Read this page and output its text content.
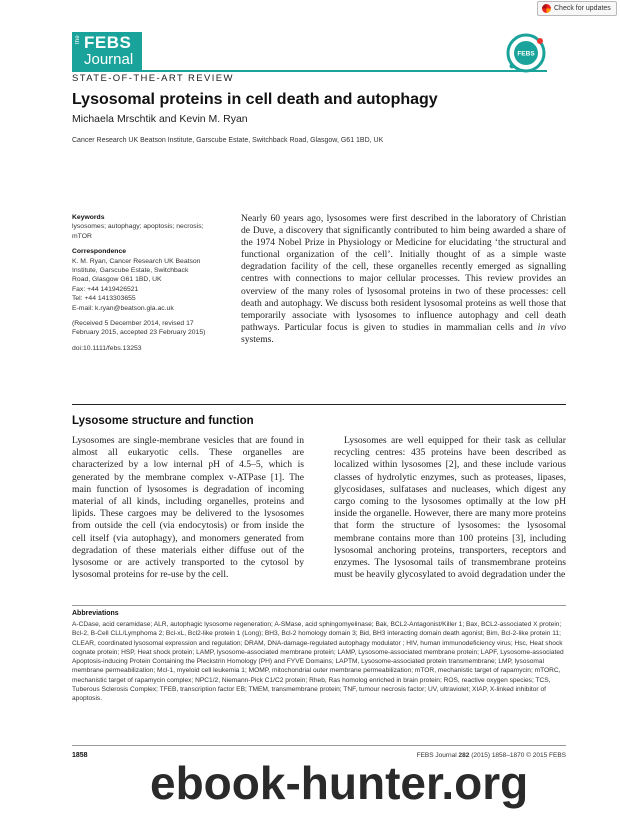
Check for updates
the FEBS
Journal	FEBS
STATE-OF-THE-ART REVIEW
Lysosomal proteins in cell death and autophagy
Michaela Mrschtik and Kevin M. Ryan
Cancer Research UK Beatson Institute, Garscube Estate, Switchback Road, Glasgow, G61 1BD, UK
Keywords
lysosomes; autophagy; apoptosis; necrosis;
mTOR
Correspondence
K. M. Ryan, Cancer Research UK Beatson
Institute, Garscube Estate, Switchback
Road, Glasgow G61 1BD, UK
Fax: +44 1419426521
Tel: +44 1413303655
E-mail: k.ryan@beatson.gla.ac.uk
(Received 5 December 2014, revised 17
February 2015, accepted 23 February 2015)
doi:10.1111/febs.13253
Nearly 60 years ago, lysosomes were first described in the laboratory of Christian de Duve, a discovery that significantly contributed to him being awarded a share of the 1974 Nobel Prize in Physiology or Medicine for elucidating ‘the structural and functional organization of the cell’. Initially thought of as a simple waste degradation facility of the cell, these organelles recently emerged as signalling centres with connections to major cellular processes. This review provides an overview of the many roles of lysosomal proteins in two of these processes: cell death and autophagy. We discuss both resident lysosomal proteins as well those that temporarily associate with lysosomes to influence autophagy and cell death pathways. Particular focus is given to studies in mammalian cells and in vivo systems.
Lysosome structure and function

Lysosomes are single-membrane vesicles that are found in almost all eukaryotic cells. These organelles are characterized by a low internal pH of 4.5–5, which is generated by the membrane complex v-ATPase [1]. The main function of lysosomes is degradation of incoming material of all kinds, including organelles, proteins and lipids. These cargoes may be delivered to the lysosomes from outside the cell (via endocytosis) or from inside the cell itself (via autophagy), and monomers generated from degradation of these materials either diffuse out of the lysosome or are actively transported to the cytosol by lysosomal proteins for re-use by the cell.

Lysosomes are well equipped for their task as cellular recycling centres: 435 proteins have been described as localized within lysosomes [2], and these include various classes of hydrolytic enzymes, such as proteases, lipases, glycosidases, sulfatases and nucleases, which digest any cargo coming to the lysosomes optimally at the low pH inside the organelle. However, there are many more proteins that form the structure of lysosomes: the lysosomal membrane contains more than 100 proteins [3], including lysosomal anchoring proteins, transporters, receptors and enzymes. The lysosomal tails of transmembrane proteins must be heavily glycosylated to avoid degradation under the

Abbreviations
A-CDase, acid ceramidase; ALR, autophagic lysosome regeneration; A-SMase, acid sphingomyelinase; Bak, BCL2-Antagonist/Killer 1; Bax, BCL2-associated X protein; Bcl-2, B-Cell CLL/Lymphoma 2; Bcl-xL, Bcl2-like protein 1 (Long); BH3, Bcl-2 homology domain 3; Bid, BH3 interacting domain death agonist; Bim, Bcl-2-like protein 11; CLEAR, coordinated lysosomal expression and regulation; DRAM, DNA-damage-regulated autophagy modulator ; HIV, human immunodeficiency virus; Hsc, Heat shock cognate protein; HSP, Heat shock protein; LAMP, lysosome-associated membrane protein; LAMP, Lysosome-associated membrane protein; LAPF, Lysosome-associated Apoptosis-inducing Protein Containing the Pleckstrin Homology (PH) and FYVE Domains; LAPTM, Lysosome-associated protein transmembrane; LMP, lysosomal membrane permeabilization; Mcl-1, myeloid cell leukemia 1; MOMP, mitochondrial outer membrane permeabilization; mTOR, mechanistic target of rapamycin; mTORC, mechanistic target of rapamycin complex; NPC1/2, Niemann-Pick C1/C2 protein; Rheb, Ras homolog enriched in brain protein; ROS, reactive oxygen species; TCS, Tuberous Sclerosis Complex; TFEB, transcription factor EB; TMEM, transmembrane protein; TNF, tumour necrosis factor; UV, ultraviolet; XIAP, X-linked inhibitor of apoptosis.
1858	FEBS Journal 282 (2015) 1858–1870 © 2015 FEBS
ebook-hunter.org
